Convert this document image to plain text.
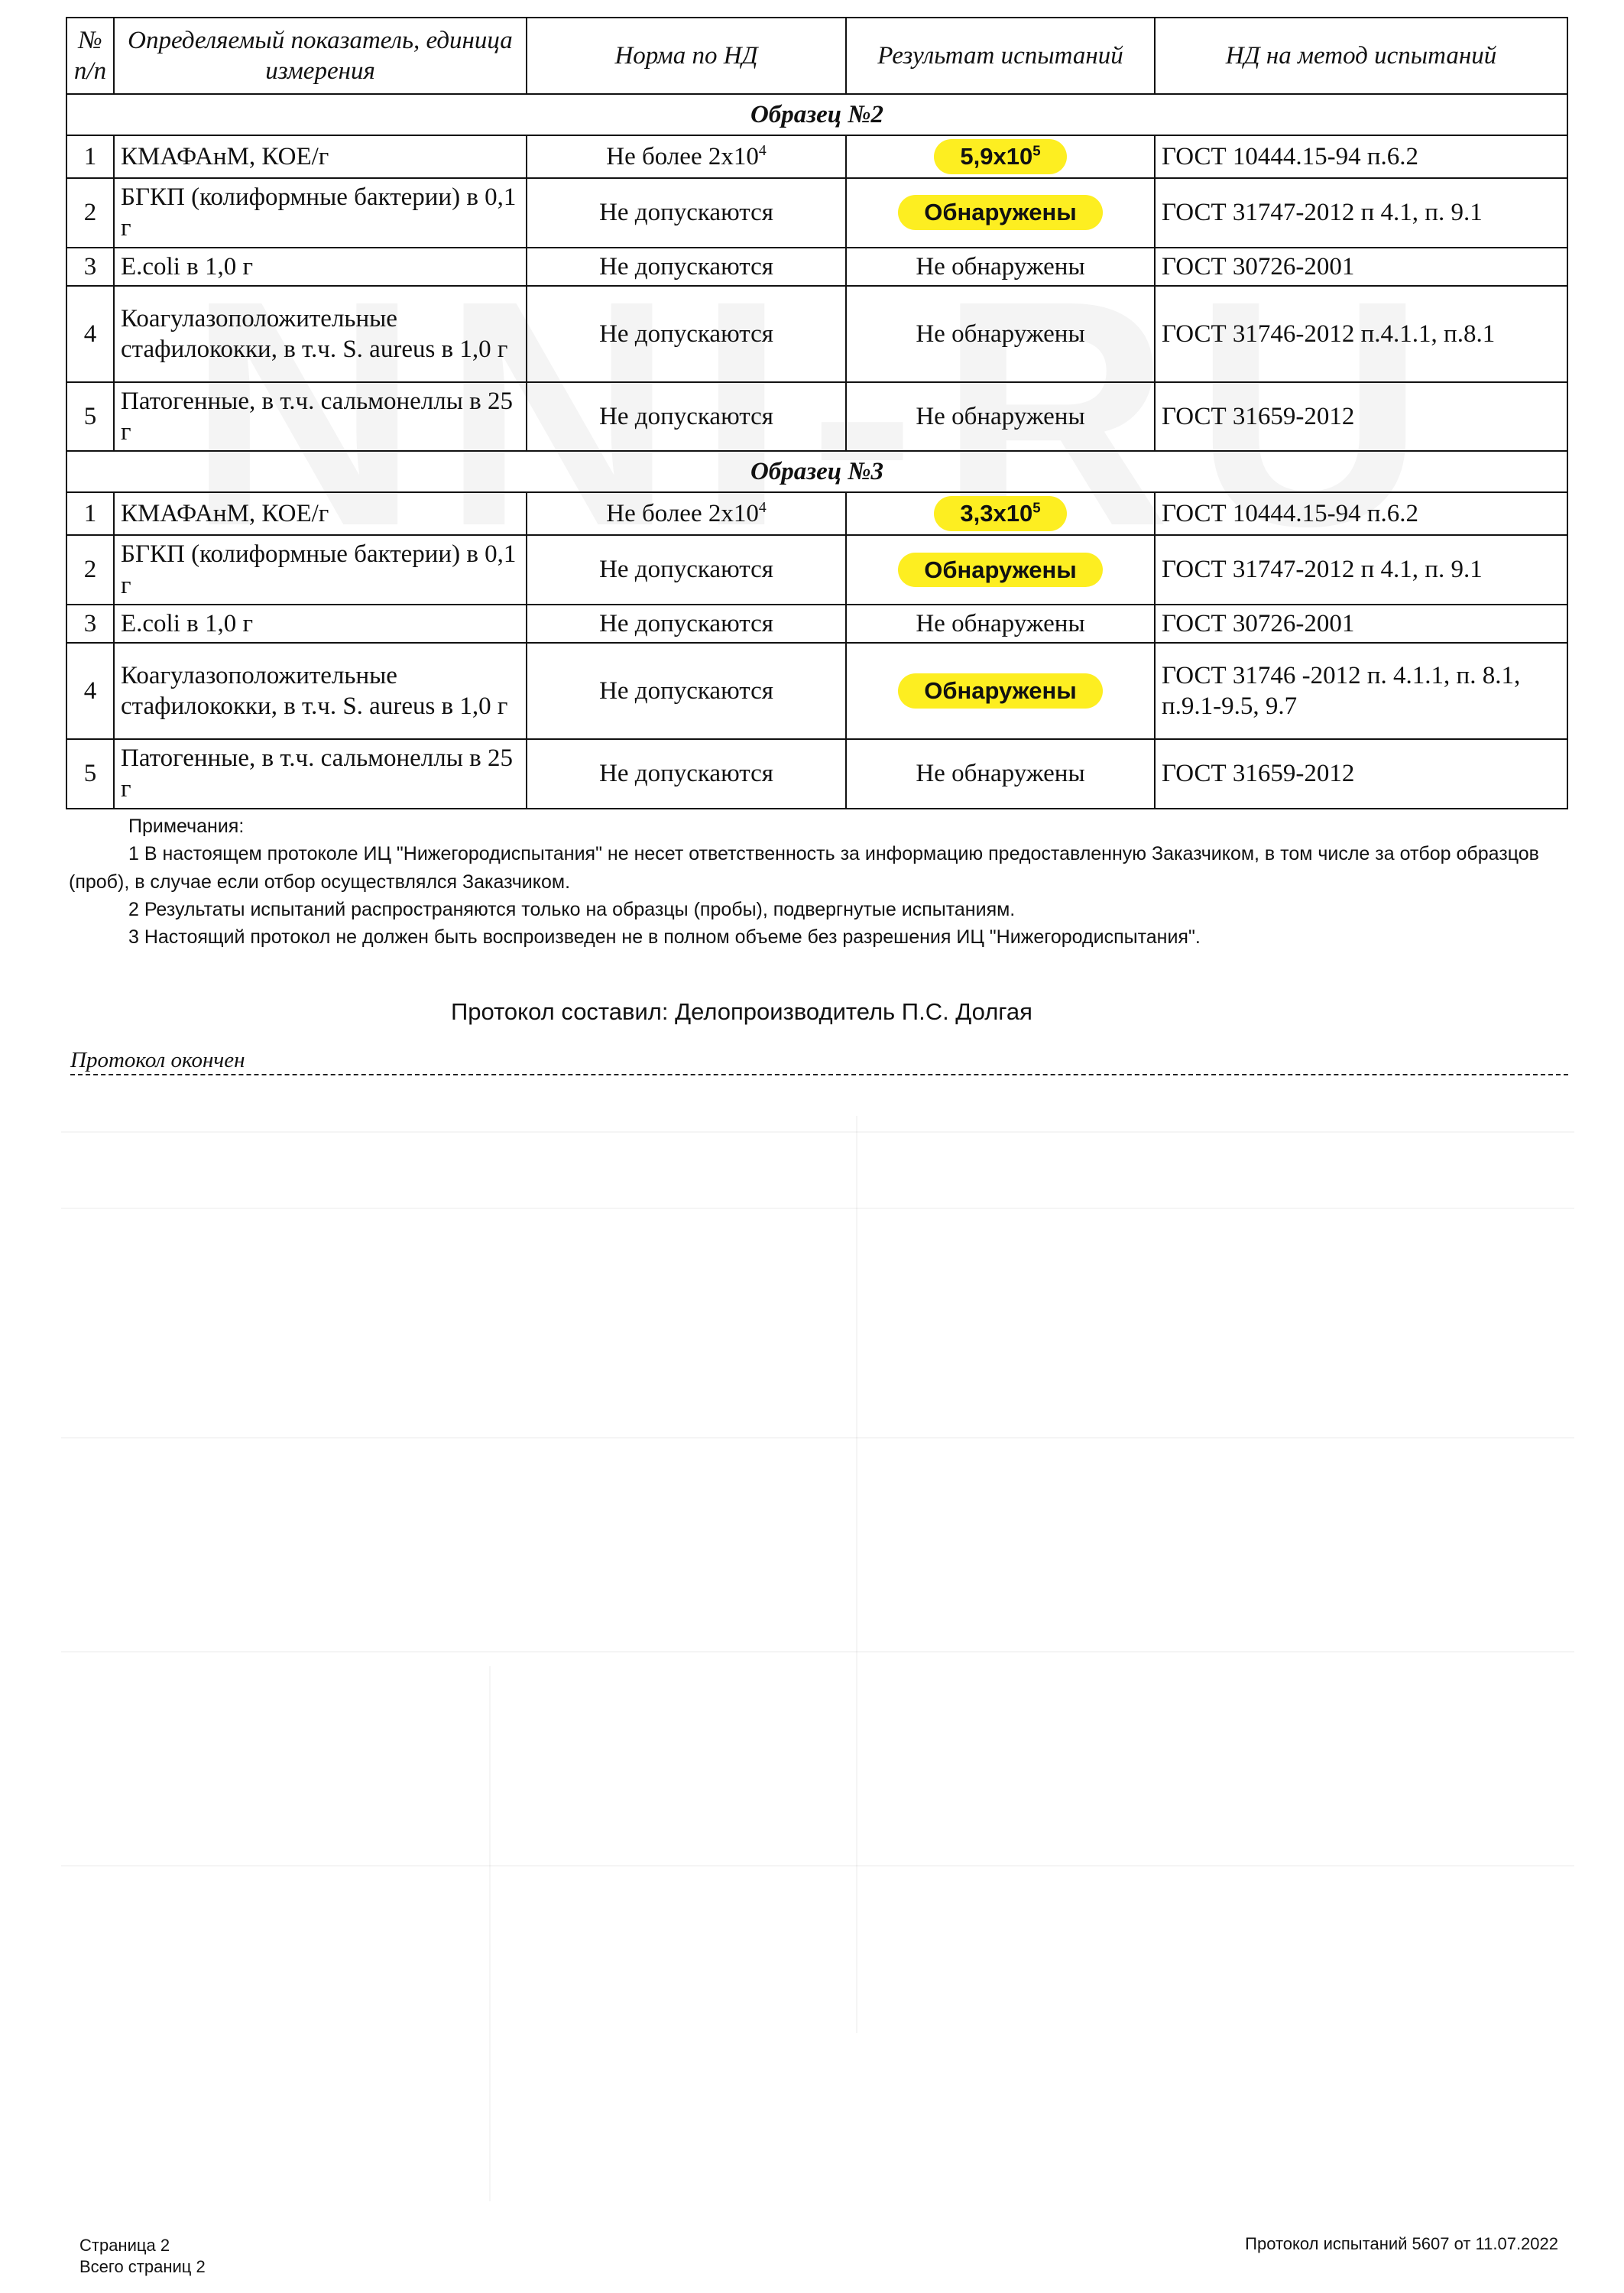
№ п/п	Определяемый показатель, единица измерения	Норма по НД	Результат испытаний	НД на метод испытаний
Образец №2				
1	КМАФАнМ, КОЕ/г	Не более $2х10^4$	$5,9х10^5$	ГОСТ 10444.15-94 п.6.2
2	БГКП (колиформные бактерии) в 0,1 г	Не допускаются	Обнаружены	ГОСТ 31747-2012 п 4.1, п. 9.1
3	E.coli в 1,0 г	Не допускаются	Не обнаружены	ГОСТ 30726-2001
4	Коагулазоположительные стафилококки, в т.ч. S. aureus в 1,0 г	Не допускаются	Не обнаружены	ГОСТ 31746-2012 п.4.1.1, п.8.1
5	Патогенные, в т.ч. сальмонеллы в 25 г	Не допускаются	Не обнаружены	ГОСТ 31659-2012
Образец №3				
1	КМАФАнМ, КОЕ/г	Не более $2х10^4$	$3,3х10^5$	ГОСТ 10444.15-94 п.6.2
2	БГКП (колиформные бактерии) в 0,1 г	Не допускаются	Обнаружены	ГОСТ 31747-2012 п 4.1, п. 9.1
3	E.coli в 1,0 г	Не допускаются	Не обнаружены	ГОСТ 30726-2001
4	Коагулазоположительные стафилококки, в т.ч. S. aureus в 1,0 г	Не допускаются	Обнаружены	ГОСТ 31746 -2012 п. 4.1.1, п. 8.1, п.9.1-9.5, 9.7
5	Патогенные, в т.ч. сальмонеллы в 25 г	Не допускаются	Не обнаружены	ГОСТ 31659-2012
Примечания:
1 В настоящем протоколе ИЦ "Нижегородиспытания" не несет ответственность за информацию предоставленную Заказчиком, в том числе за отбор образцов (проб), в случае если отбор осуществлялся Заказчиком.
2 Результаты испытаний распространяются только на образцы (пробы), подвергнутые испытаниям.
3 Настоящий протокол не должен быть воспроизведен не в полном объеме без разрешения ИЦ "Нижегородиспытания".
Протокол составил: Делопроизводитель П.С. Долгая
Протокол окончен
Страница 2
Всего страниц 2
Протокол испытаний 5607 от 11.07.2022
